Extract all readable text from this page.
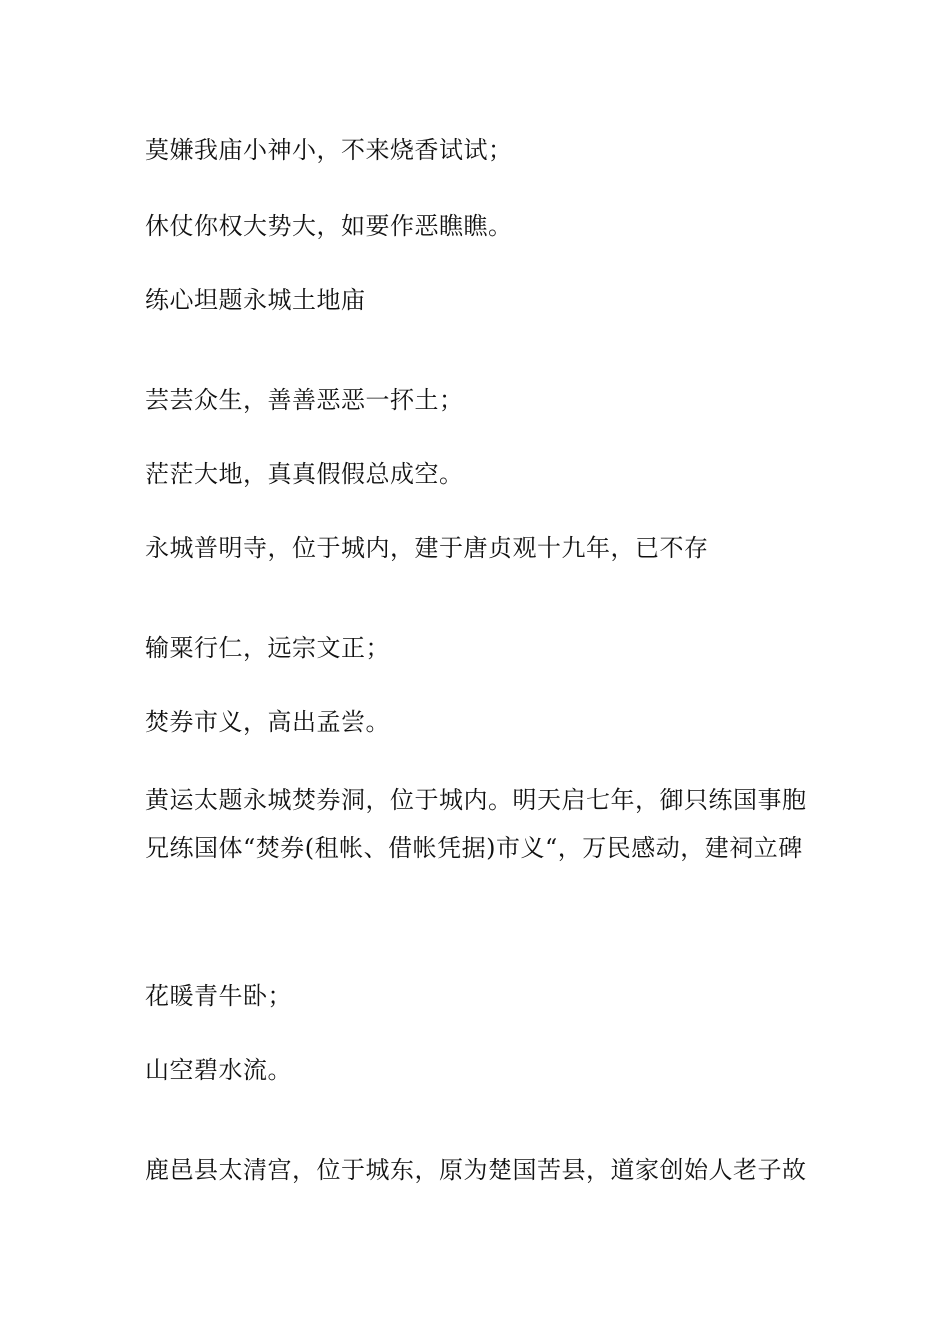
莫嫌我庙小神小，不来烧香试试；
休仗你权大势大，如要作恶瞧瞧。
练心坦题永城土地庙
芸芸众生，善善恶恶一抔土；
茫茫大地，真真假假总成空。
永城普明寺，位于城内，建于唐贞观十九年，已不存
输粟行仁，远宗文正；
焚券市义，高出孟尝。
黄运太题永城焚券洞，位于城内。明天启七年，御只练国事胞兄练国体“焚券(租帐、借帐凭据)市义“，万民感动，建祠立碑
花暖青牛卧；
山空碧水流。
鹿邑县太清宫，位于城东，原为楚国苦县，道家创始人老子故
